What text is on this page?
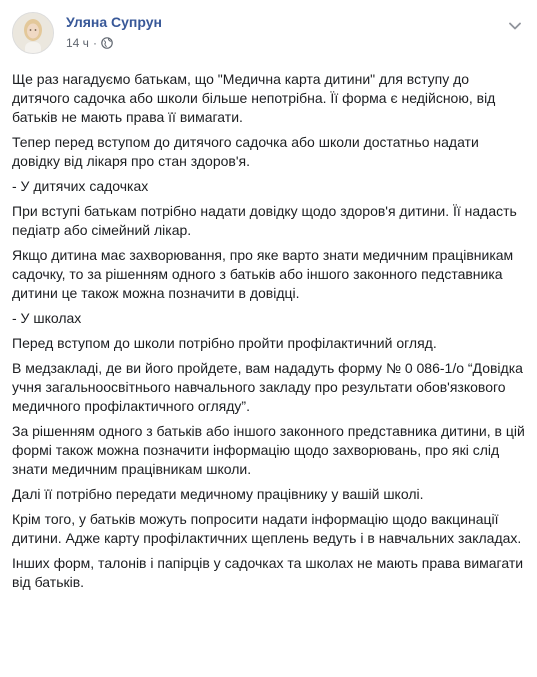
Уляна Супрун
14 ч ·

Ще раз нагадуємо батькам, що "Медична карта дитини" для вступу до дитячого садочка або школи більше непотрібна. Її форма є недійсною, від батьків не мають права її вимагати.

Тепер перед вступом до дитячого садочка або школи достатньо надати довідку від лікаря про стан здоров'я.

- У дитячих садочках

При вступі батькам потрібно надати довідку щодо здоров'я дитини. Її надасть педіатр або сімейний лікар.

Якщо дитина має захворювання, про яке варто знати медичним працівникам садочку, то за рішенням одного з батьків або іншого законного педставника дитини це також можна позначити в довідці.

- У школах

Перед вступом до школи потрібно пройти профілактичний огляд.

В медзакладі, де ви його пройдете, вам нададуть форму № 0 086-1/о “Довідка учня загальноосвітнього навчального закладу про результати обов'язкового медичного профілактичного огляду”.

За рішенням одного з батьків або іншого законного представника дитини, в цій формі також можна позначити інформацію щодо захворювань, про які слід знати медичним працівникам школи.

Далі її потрібно передати медичному працівнику у вашій школі.

Крім того, у батьків можуть попросити надати інформацію щодо вакцинації дитини. Адже карту профілактичних щеплень ведуть і в навчальних закладах.

Інших форм, талонів і папірців у садочках та школах не мають права вимагати від батьків.
